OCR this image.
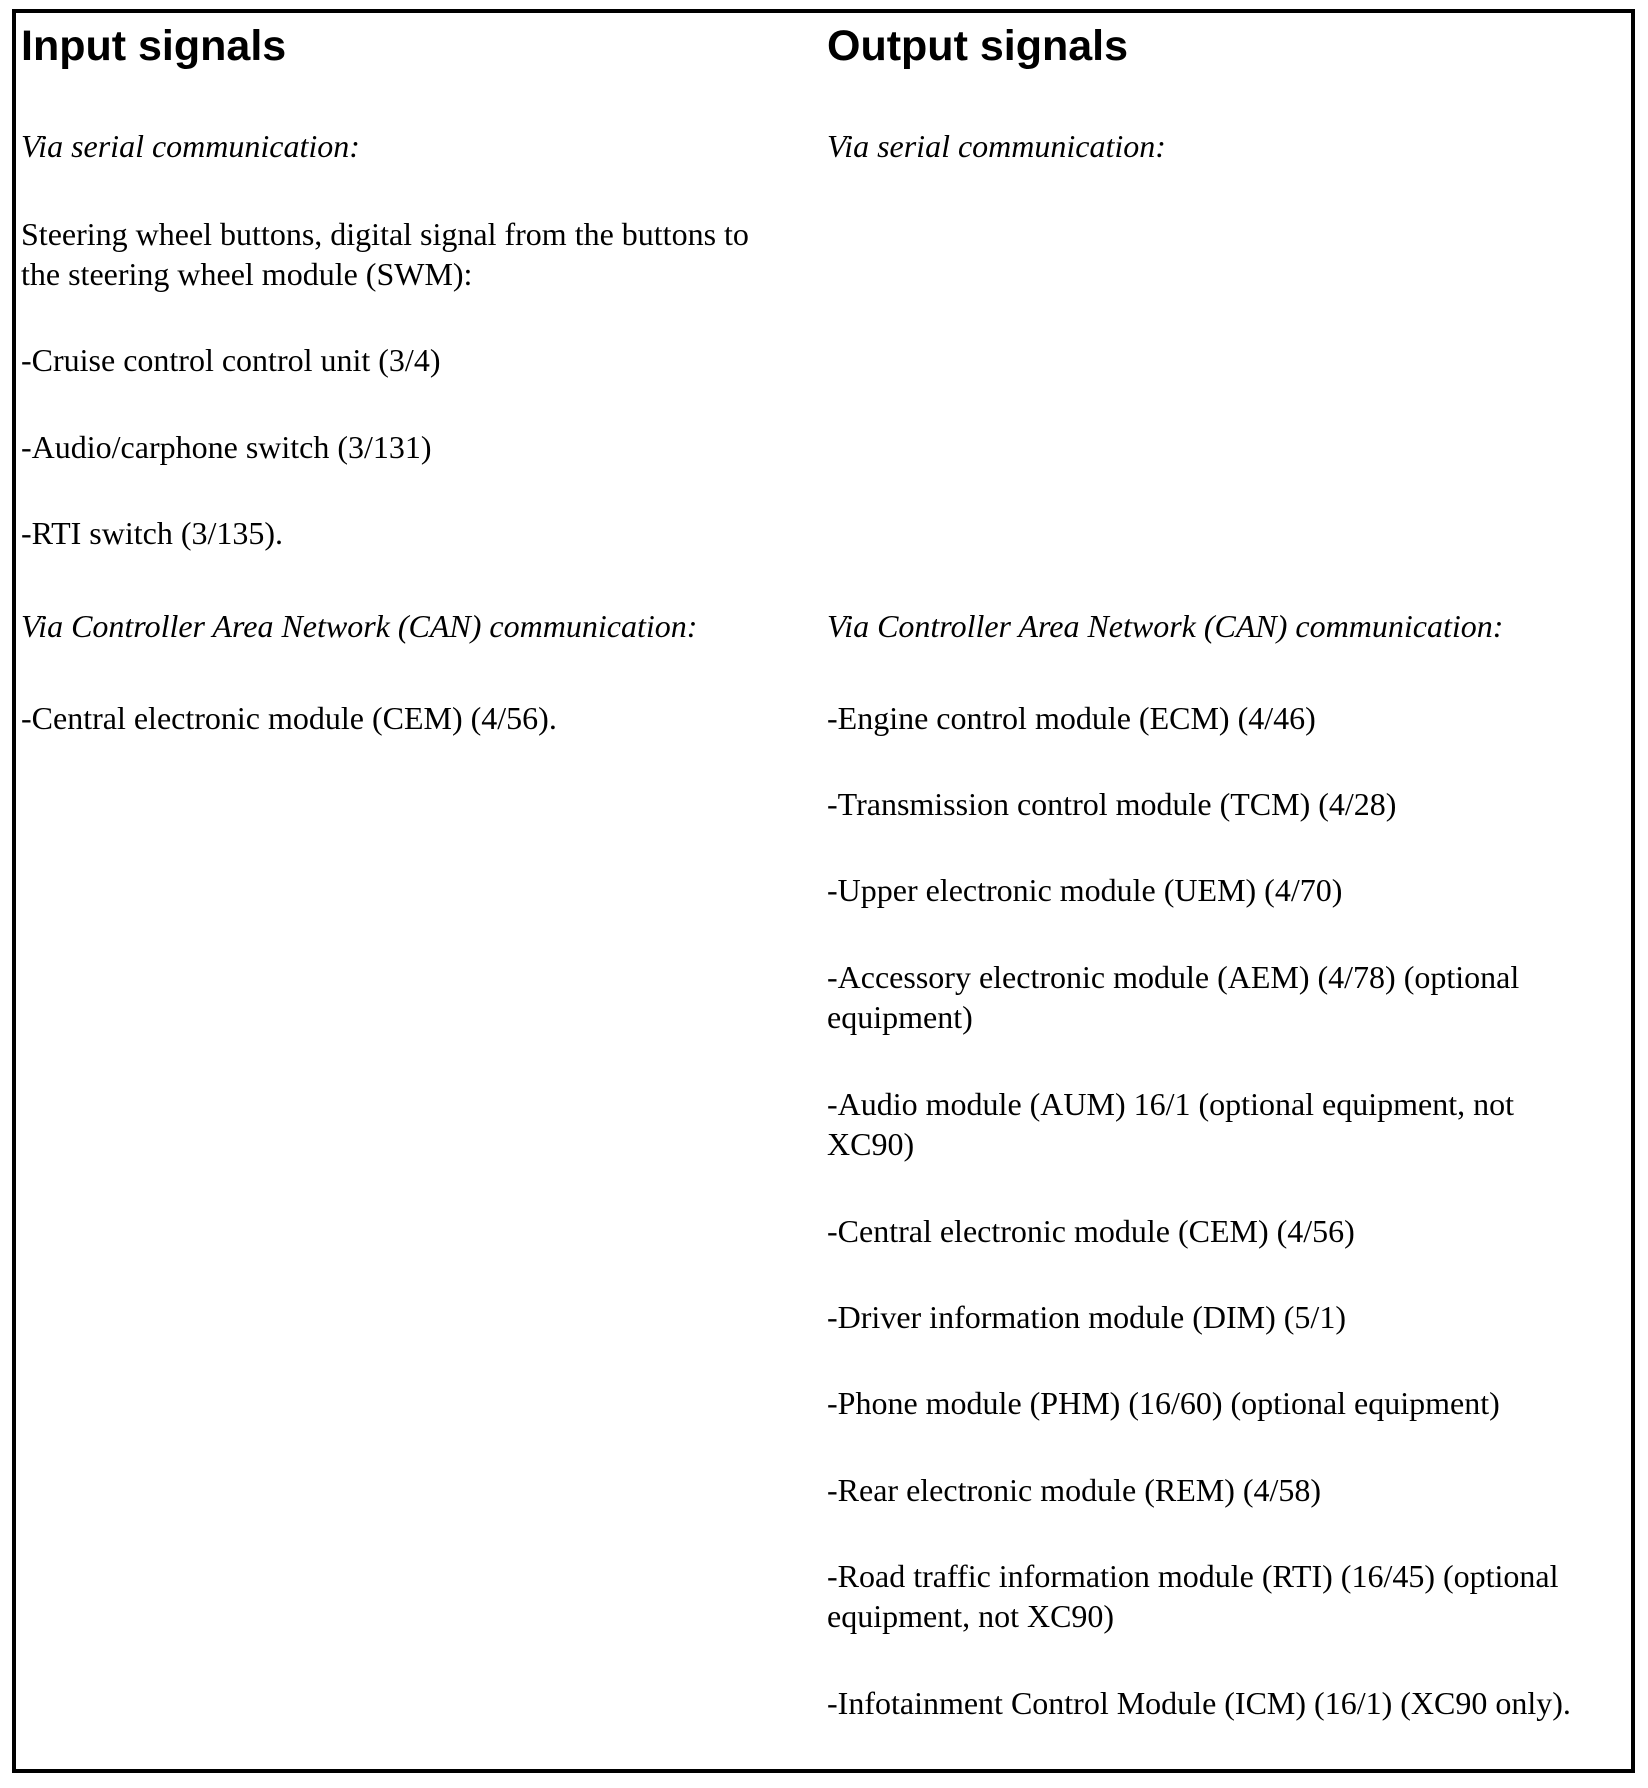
Input signals

Via serial communication:

Steering wheel buttons, digital signal from the buttons to

the steering wheel module (SWM):

-Cruise control control unit (3/4)

-Audio/carphone switch (3/131)

-RTI switch (3/135).

Via Controller Area Network (CAN) communication:

-Central electronic module (CEM) (4/56).

Output signals

Via serial communication:

Via Controller Area Network (CAN) communication:

-Engine control module (ECM) (4/46)

-Transmission control module (TCM) (4/28)

-Upper electronic module (UEM) (4/70)

-Accessory electronic module (AEM) (4/78) (optional

equipment)

-Audio module (AUM) 16/1 (optional equipment, not

XC90)

-Central electronic module (CEM) (4/56)

-Driver information module (DIM) (5/1)

-Phone module (PHM) (16/60) (optional equipment)

-Rear electronic module (REM) (4/58)

-Road traffic information module (RTI) (16/45) (optional

equipment, not XC90)

-Infotainment Control Module (ICM) (16/1) (XC90 only).
